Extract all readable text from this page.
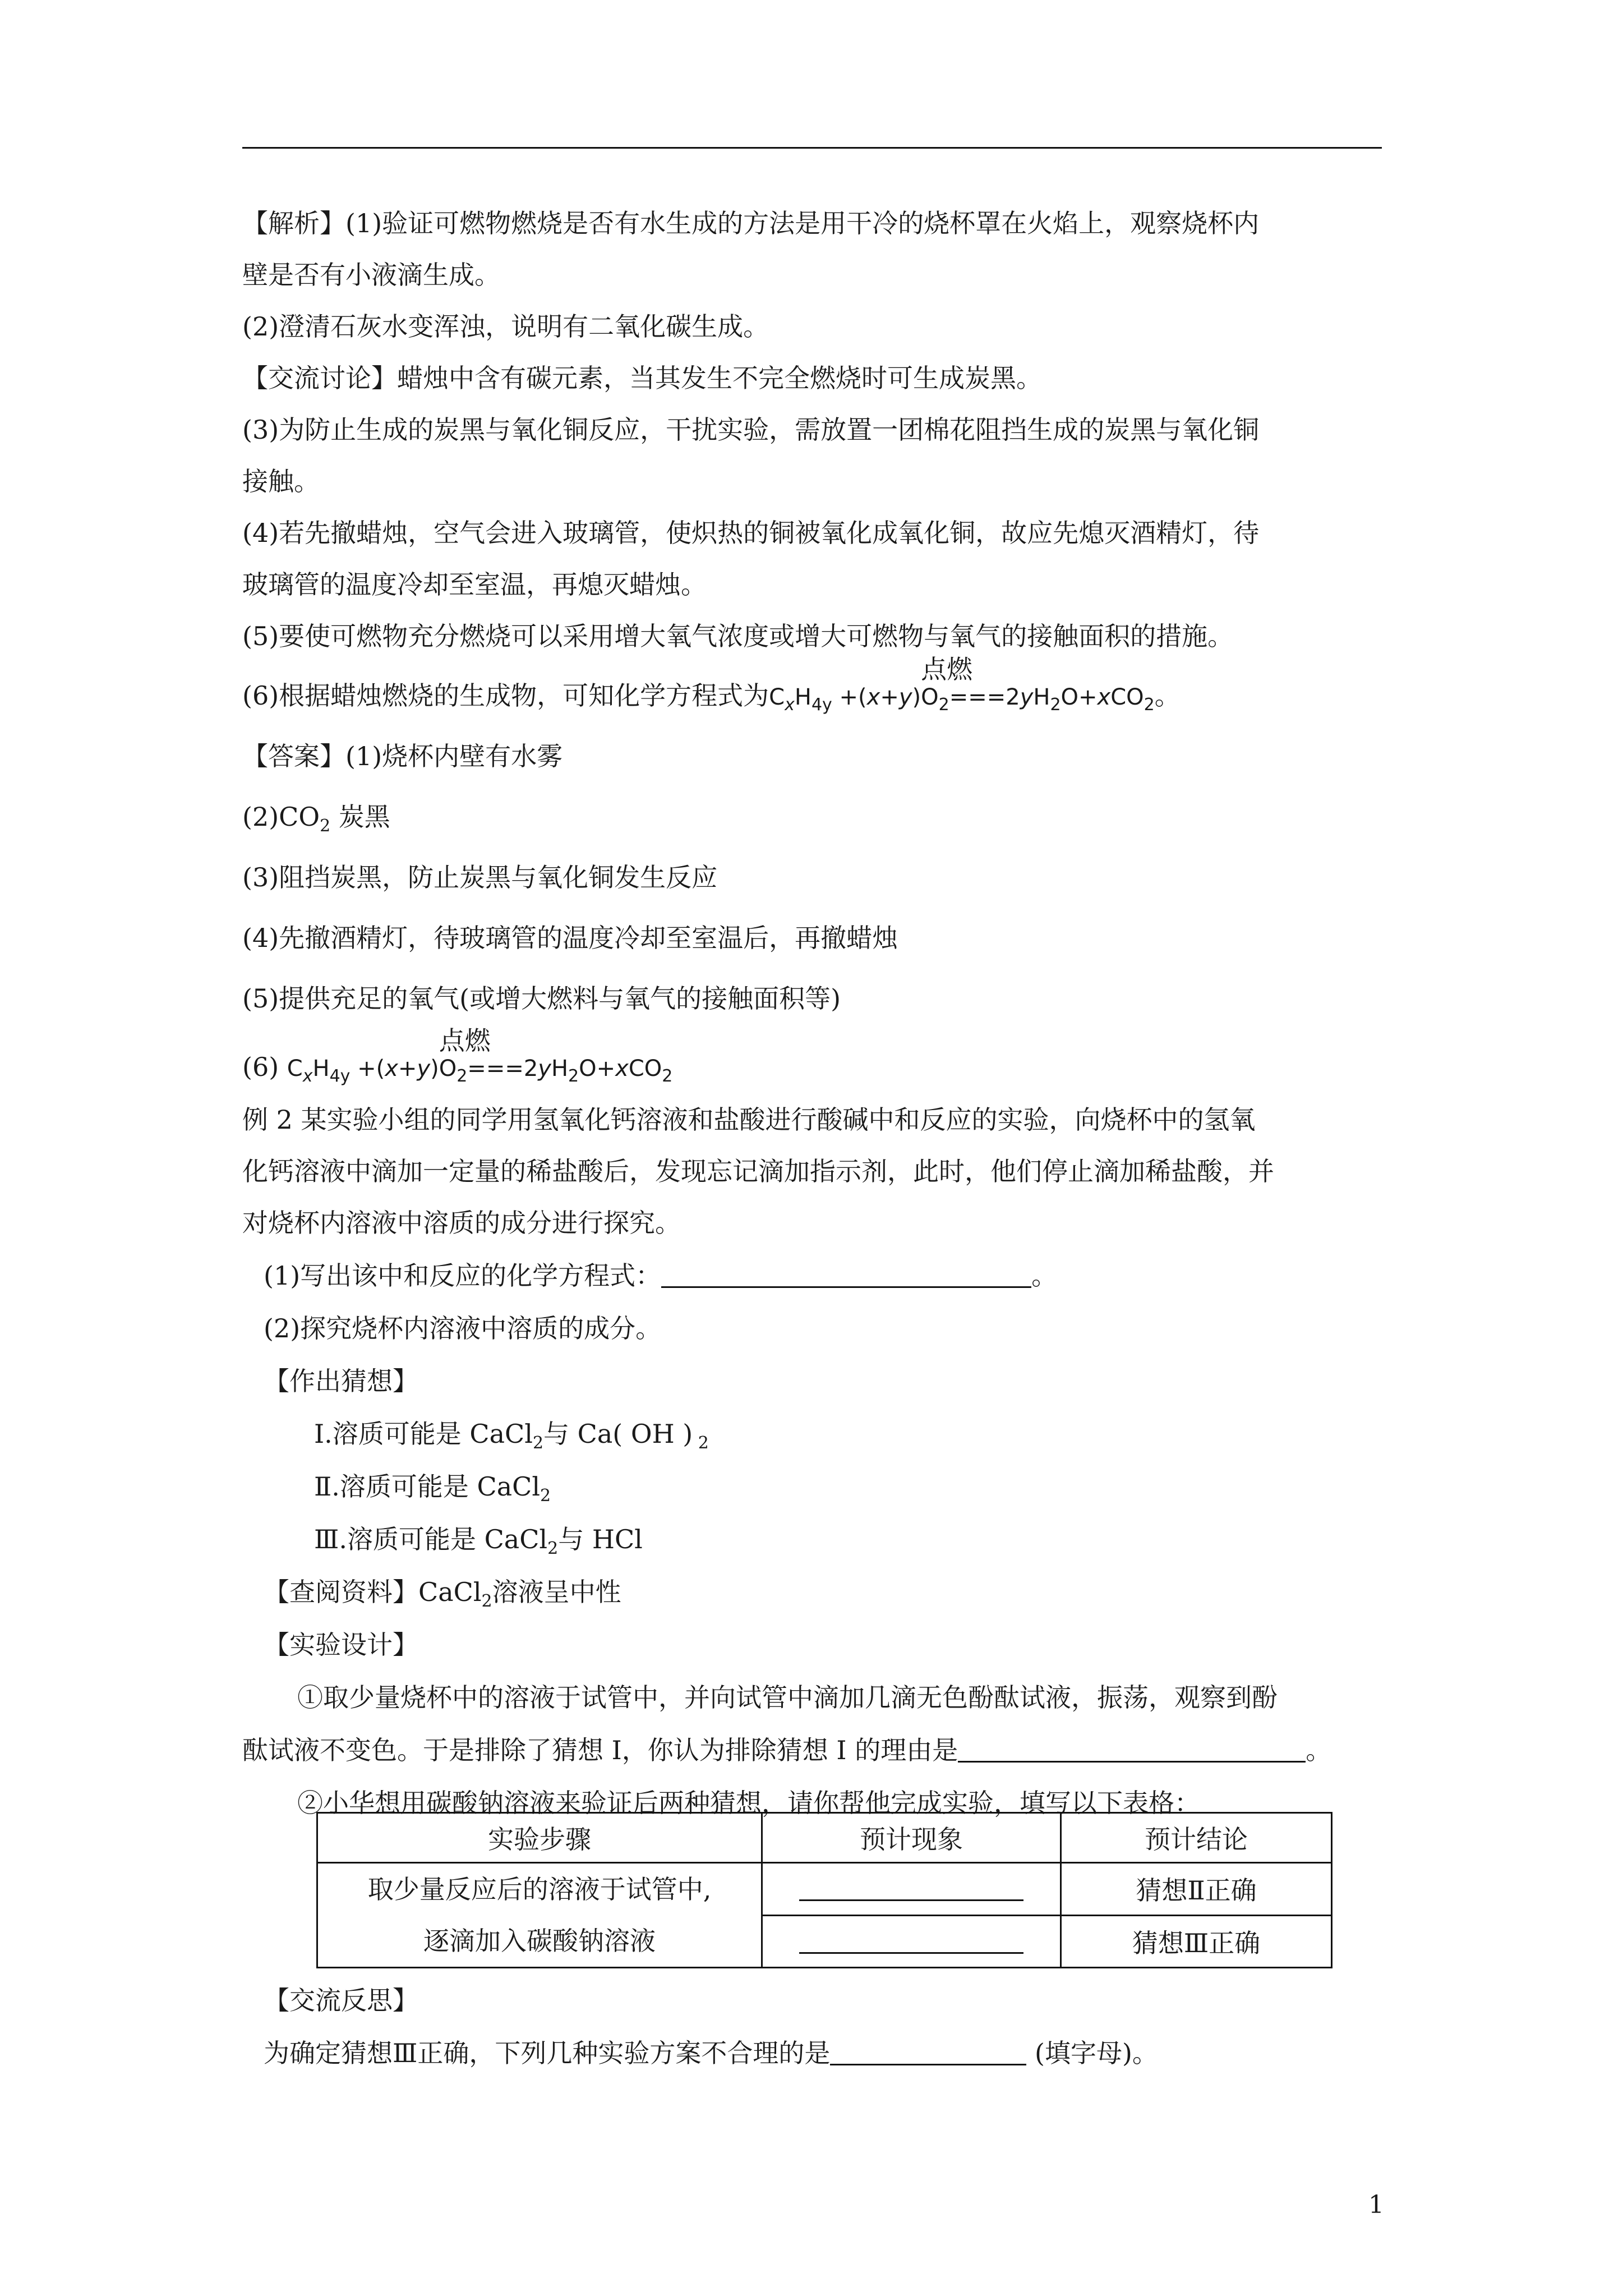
【解析】(1)验证可燃物燃烧是否有水生成的方法是用干冷的烧杯罩在火焰上，观察烧杯内
壁是否有小液滴生成。
(2)澄清石灰水变浑浊，说明有二氧化碳生成。
【交流讨论】蜡烛中含有碳元素，当其发生不完全燃烧时可生成炭黑。
(3)为防止生成的炭黑与氧化铜反应，干扰实验，需放置一团棉花阻挡生成的炭黑与氧化铜
接触。
(4)若先撤蜡烛，空气会进入玻璃管，使炽热的铜被氧化成氧化铜，故应先熄灭酒精灯，待
玻璃管的温度冷却至室温，再熄灭蜡烛。
(5)要使可燃物充分燃烧可以采用增大氧气浓度或增大可燃物与氧气的接触面积的措施。
(6)根据蜡烛燃烧的生成物，可知化学方程式为$C_xH_{4y} +(x+y)$
点燃
$O_2===2yH_2O+xCO_2$。
【答案】(1)烧杯内壁有水雾
$(2)CO_2$ 炭黑
(3)阻挡炭黑，防止炭黑与氧化铜发生反应
(4)先撤酒精灯，待玻璃管的温度冷却至室温后，再撤蜡烛
(5)提供充足的氧气(或增大燃料与氧气的接触面积等)
(6) $C_xH_{4y} +(x+y)$
点燃
$O_2===2yH_2O+xCO_2$
例 2 某实验小组的同学用氢氧化钙溶液和盐酸进行酸碱中和反应的实验，向烧杯中的氢氧
化钙溶液中滴加一定量的稀盐酸后，发现忘记滴加指示剂，此时，他们停止滴加稀盐酸，并
对烧杯内溶液中溶质的成分进行探究。
(1)写出该中和反应的化学方程式：	。
(2)探究烧杯内溶液中溶质的成分。
【作出猜想】
Ⅰ.溶质可能是 CaCl$_2$与 Ca( OH ) $_2$
Ⅱ.溶质可能是 CaCl$_2$
Ⅲ.溶质可能是 CaCl$_2$与 HCl
【查阅资料】CaCl$_2$溶液呈中性
【实验设计】
①取少量烧杯中的溶液于试管中，并向试管中滴加几滴无色酚酞试液，振荡，观察到酚
酞试液不变色。于是排除了猜想 I，你认为排除猜想 I 的理由是	。
②小华想用碳酸钠溶液来验证后两种猜想，请你帮他完成实验，填写以下表格：
实验步骤	预计现象	预计结论

取少量反应后的溶液于试管中,
逐滴加入碳酸钠溶液		猜想Ⅱ正确
		猜想Ⅲ正确
【交流反思】
为确定猜想Ⅲ正确，下列几种实验方案不合理的是	(填字母)。
1
